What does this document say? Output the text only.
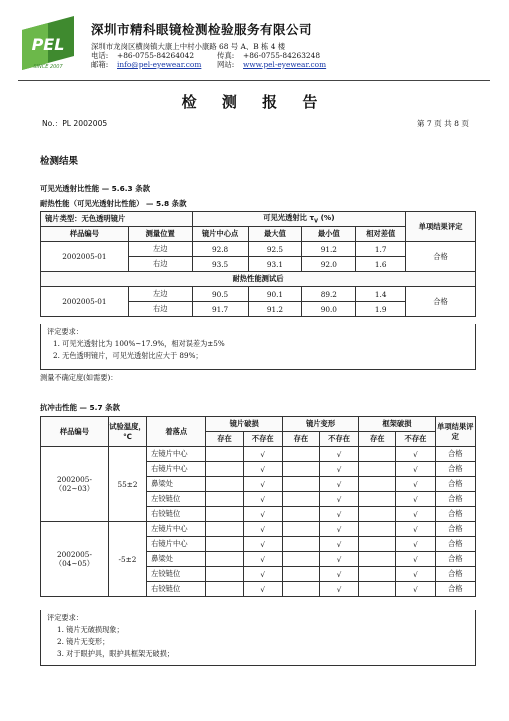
PEL
SINCE 2007
深圳市精科眼镜检测检验服务有限公司
深圳市龙岗区横岗镇大康上中村小康路 68 号 A、B 栋 4 楼
电话: +86-0755-84264042	传真: +86-0755-84263248
邮箱: info@pel-eyewear.com 网站: www.pel-eyewear.com
检 测 报 告
No.：PL 2002005	第 7 页 共 8 页
检测结果
可见光透射比性能 — 5.6.3 条款
耐热性能（可见光透射比性能） — 5.8 条款
镜片类型：无色透明镜片		可见光透射比 $\tau_V$ (%)				单项结果评定
样品编号	测量位置	镜片中心点	最大值	最小值	相对差值	
2002005-01	左边	92.8	92.5	91.2	1.7	合格
	右边	93.5	93.1	92.0	1.6	
耐热性能测试后						
2002005-01	左边	90.5	90.1	89.2	1.4	合格
	右边	91.7	91.2	90.0	1.9	
评定要求：
1. 可见光透射比为 100%~17.9%，相对误差为±5%
2. 无色透明镜片，可见光透射比应大于 89%；
测量不确定度(如需要)：
抗冲击性能 — 5.7 条款
样品编号	试验温度，℃	着落点	镜片破损		镜片变形		框架破损		单项结果评定
			存在	不存在	存在	不存在	存在	不存在	
2002005-（02~03）	55±2	左镜片中心		√		√		√	合格
		右镜片中心		√		√		√	合格
		鼻梁处		√		√		√	合格
		左铰链位		√		√		√	合格
		右铰链位		√		√		√	合格
2002005-（04~05）	-5±2	左镜片中心		√		√		√	合格
		右镜片中心		√		√		√	合格
		鼻梁处		√		√		√	合格
		左铰链位		√		√		√	合格
		右铰链位		√		√		√	合格
评定要求：
1. 镜片无破损现象；
2. 镜片无变形；
3. 对于眼护具，眼护具框架无破损；
